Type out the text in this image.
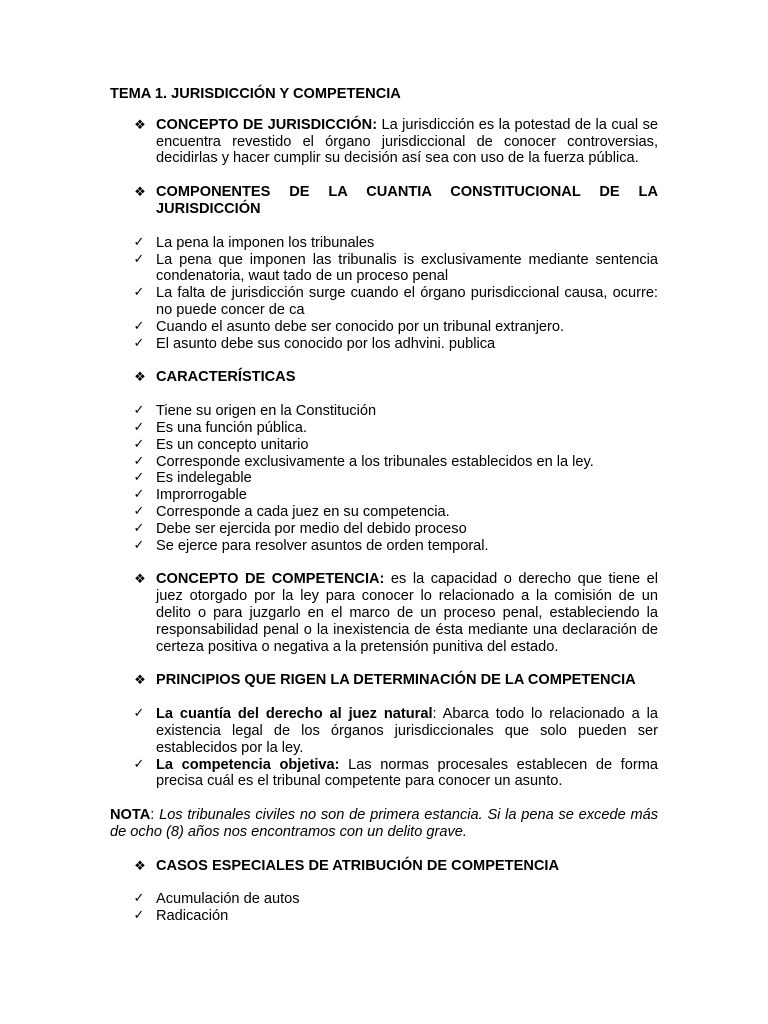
TEMA 1. JURISDICCIÓN Y COMPETENCIA
❖ CONCEPTO DE JURISDICCIÓN: La jurisdicción es la potestad de la cual se encuentra revestido el órgano jurisdiccional de conocer controversias, decidirlas y hacer cumplir su decisión así sea con uso de la fuerza pública.
❖ COMPONENTES DE LA CUANTIA CONSTITUCIONAL DE LA JURISDICCIÓN
✓ La pena la imponen los tribunales
✓ La pena que imponen las tribunalis is exclusivamente mediante sentencia condenatoria, waut tado de un proceso penal
✓ La falta de jurisdicción surge cuando el órgano purisdiccional causa, ocurre: no puede concer de ca
✓ Cuando el asunto debe ser conocido por un tribunal extranjero.
✓ El asunto debe sus conocido por los adhvini. publica
❖ CARACTERÍSTICAS
✓ Tiene su origen en la Constitución
✓ Es una función pública.
✓ Es un concepto unitario
✓ Corresponde exclusivamente a los tribunales establecidos en la ley.
✓ Es indelegable
✓ Improrrogable
✓ Corresponde a cada juez en su competencia.
✓ Debe ser ejercida por medio del debido proceso
✓ Se ejerce para resolver asuntos de orden temporal.
❖ CONCEPTO DE COMPETENCIA: es la capacidad o derecho que tiene el juez otorgado por la ley para conocer lo relacionado a la comisión de un delito o para juzgarlo en el marco de un proceso penal, estableciendo la responsabilidad penal o la inexistencia de ésta mediante una declaración de certeza positiva o negativa a la pretensión punitiva del estado.
❖ PRINCIPIOS QUE RIGEN LA DETERMINACIÓN DE LA COMPETENCIA
✓ La cuantía del derecho al juez natural: Abarca todo lo relacionado a la existencia legal de los órganos jurisdiccionales que solo pueden ser establecidos por la ley.
✓ La competencia objetiva: Las normas procesales establecen de forma precisa cuál es el tribunal competente para conocer un asunto.
NOTA: Los tribunales civiles no son de primera estancia. Si la pena se excede más de ocho (8) años nos encontramos con un delito grave.
❖ CASOS ESPECIALES DE ATRIBUCIÓN DE COMPETENCIA
✓ Acumulación de autos
✓ Radicación
